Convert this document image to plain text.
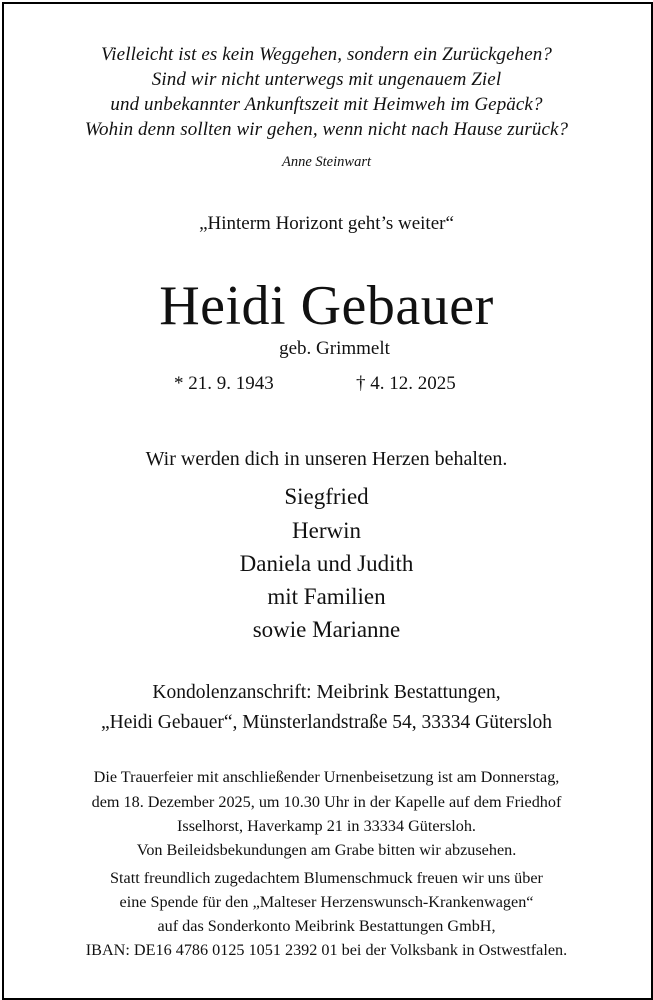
Vielleicht ist es kein Weggehen, sondern ein Zurückgehen?
Sind wir nicht unterwegs mit ungenauem Ziel
und unbekannter Ankunftszeit mit Heimweh im Gepäck?
Wohin denn sollten wir gehen, wenn nicht nach Hause zurück?
Anne Steinwart
„Hinterm Horizont geht’s weiter“
Heidi Gebauer
geb. Grimmelt
* 21. 9. 1943	† 4. 12. 2025
Wir werden dich in unseren Herzen behalten.
Siegfried
Herwin
Daniela und Judith
mit Familien
sowie Marianne
Kondolenzanschrift: Meibrink Bestattungen,
„Heidi Gebauer“, Münsterlandstraße 54, 33334 Gütersloh
Die Trauerfeier mit anschließender Urnenbeisetzung ist am Donnerstag,
dem 18. Dezember 2025, um 10.30 Uhr in der Kapelle auf dem Friedhof
Isselhorst, Haverkamp 21 in 33334 Gütersloh.
Von Beileidsbekundungen am Grabe bitten wir abzusehen.
Statt freundlich zugedachtem Blumenschmuck freuen wir uns über
eine Spende für den „Malteser Herzenswunsch-Krankenwagen“
auf das Sonderkonto Meibrink Bestattungen GmbH,
IBAN: DE16 4786 0125 1051 2392 01 bei der Volksbank in Ostwestfalen.
